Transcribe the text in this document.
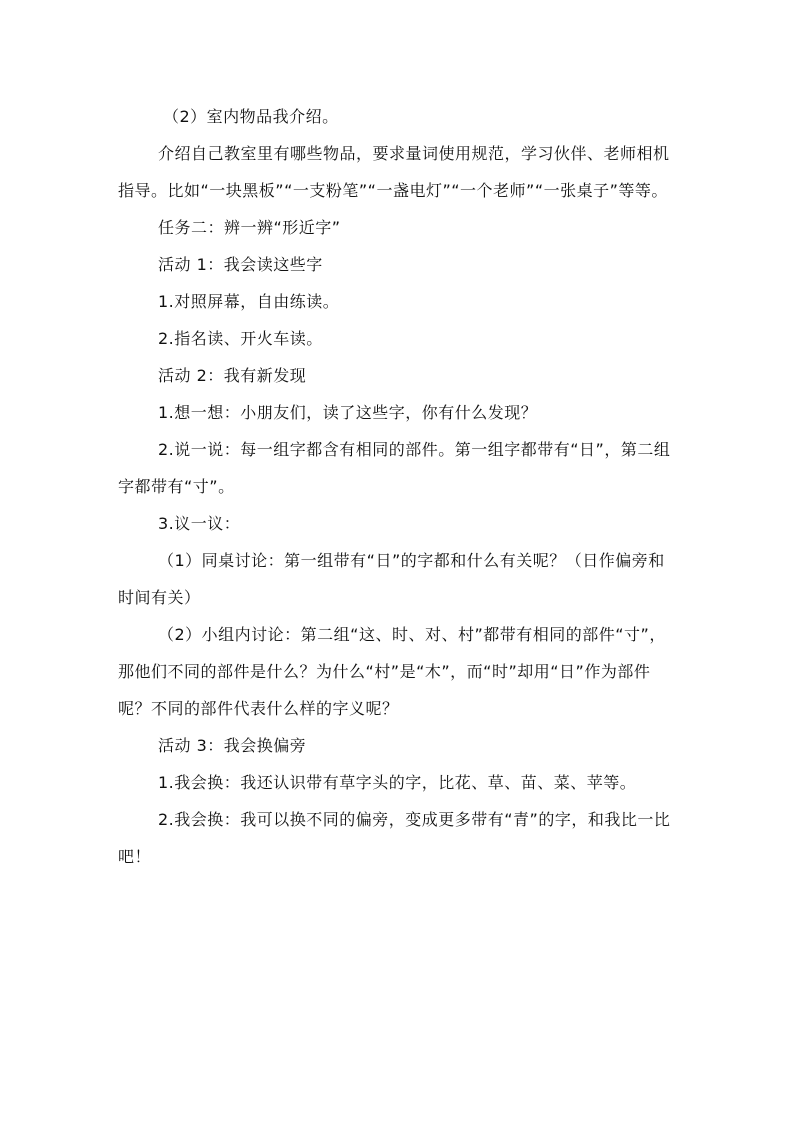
（2）室内物品我介绍。

介绍自己教室里有哪些物品，要求量词使用规范，学习伙伴、老师相机指导。比如“一块黑板”“一支粉笔”“一盏电灯”“一个老师”“一张桌子”等等。

任务二：辨一辨“形近字”

活动 1：我会读这些字

1.对照屏幕，自由练读。

2.指名读、开火车读。

活动 2：我有新发现

1.想一想：小朋友们，读了这些字，你有什么发现？

2.说一说：每一组字都含有相同的部件。第一组字都带有“日”，第二组字都带有“寸”。

3.议一议：

（1）同桌讨论：第一组带有“日”的字都和什么有关呢？（日作偏旁和时间有关）

（2）小组内讨论：第二组“这、时、对、村”都带有相同的部件“寸”，那他们不同的部件是什么？为什么“村”是“木”，而“时”却用“日”作为部件呢？不同的部件代表什么样的字义呢？

活动 3：我会换偏旁

1.我会换：我还认识带有草字头的字，比花、草、苗、菜、苹等。

2.我会换：我可以换不同的偏旁，变成更多带有“青”的字，和我比一比吧！
